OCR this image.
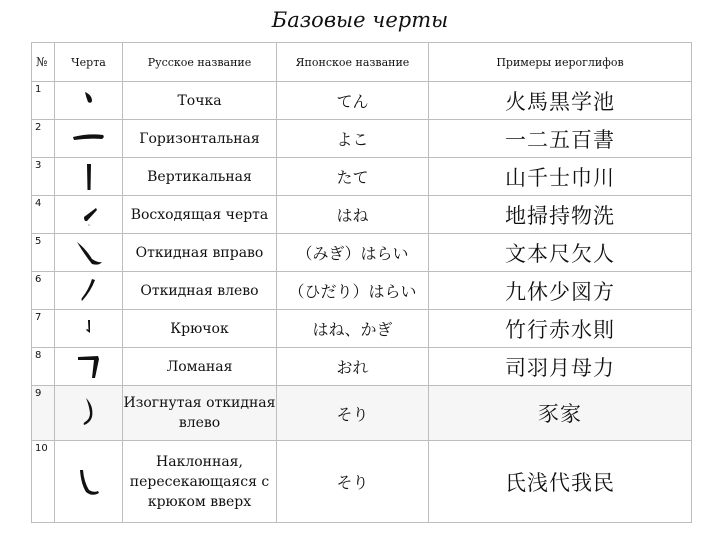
Базовые черты
№	Черта	Русское название	Японское название	Примеры иероглифов
1		Точка	てん	火馬黒学池
2		Горизонтальная	よこ	一二五百書
3		Вертикальная	たて	山千士巾川
4		Восходящая черта	はね	地掃持物洗
5		Откидная вправо	（みぎ）はらい	文本尺欠人
6		Откидная влево	（ひだり）はらい	九休少図方
7		Крючок	はね、かぎ	竹行赤水則
8		Ломаная	おれ	司羽月母力
9		Изогнутая откидная влево	そり	豕家
10		Наклонная, пересекающаяся с крюком вверх	そり	氏浅代我民
